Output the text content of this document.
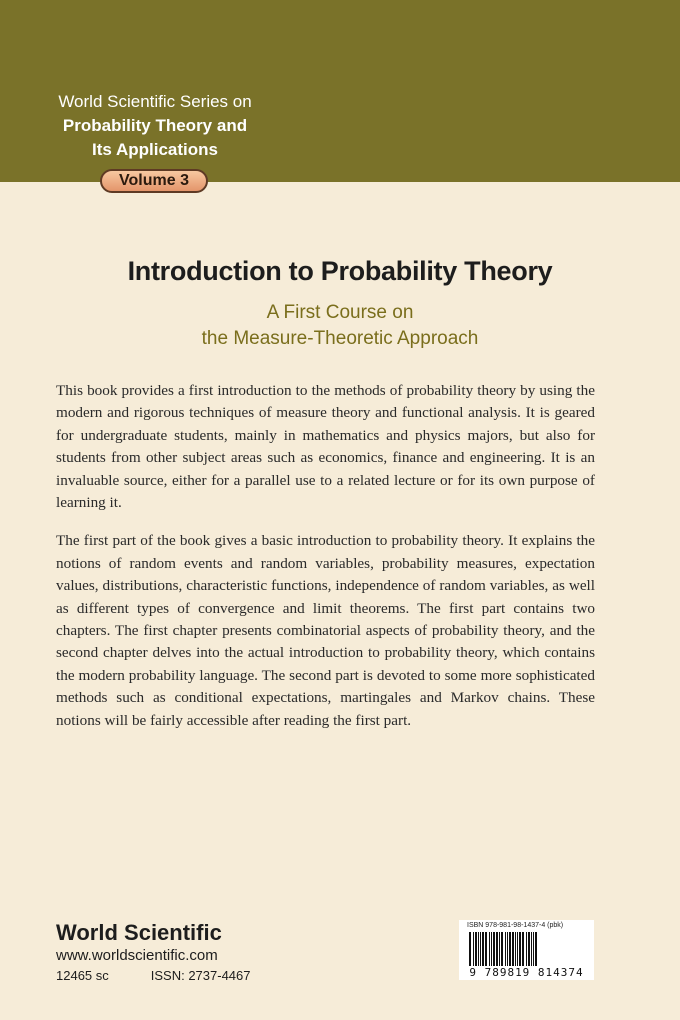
World Scientific Series on
Probability Theory and
Its Applications
Volume 3
Introduction to Probability Theory
A First Course on
the Measure-Theoretic Approach

This book provides a first introduction to the methods of probability theory by using the modern and rigorous techniques of measure theory and functional analysis. It is geared for undergraduate students, mainly in mathematics and physics majors, but also for students from other subject areas such as economics, finance and engineering. It is an invaluable source, either for a parallel use to a related lecture or for its own purpose of learning it.

The first part of the book gives a basic introduction to probability theory. It explains the notions of random events and random variables, probability measures, expectation values, distributions, characteristic functions, independence of random variables, as well as different types of convergence and limit theorems. The first part contains two chapters. The first chapter presents combinatorial aspects of probability theory, and the second chapter delves into the actual introduction to probability theory, which contains the modern probability language. The second part is devoted to some more sophisticated methods such as conditional expectations, martingales and Markov chains. These notions will be fairly accessible after reading the first part.

World Scientific
www.worldscientific.com
12465 sc	ISSN: 2737-4467
ISBN 978-981-98-1437-4 (pbk)
9 789819 814374
